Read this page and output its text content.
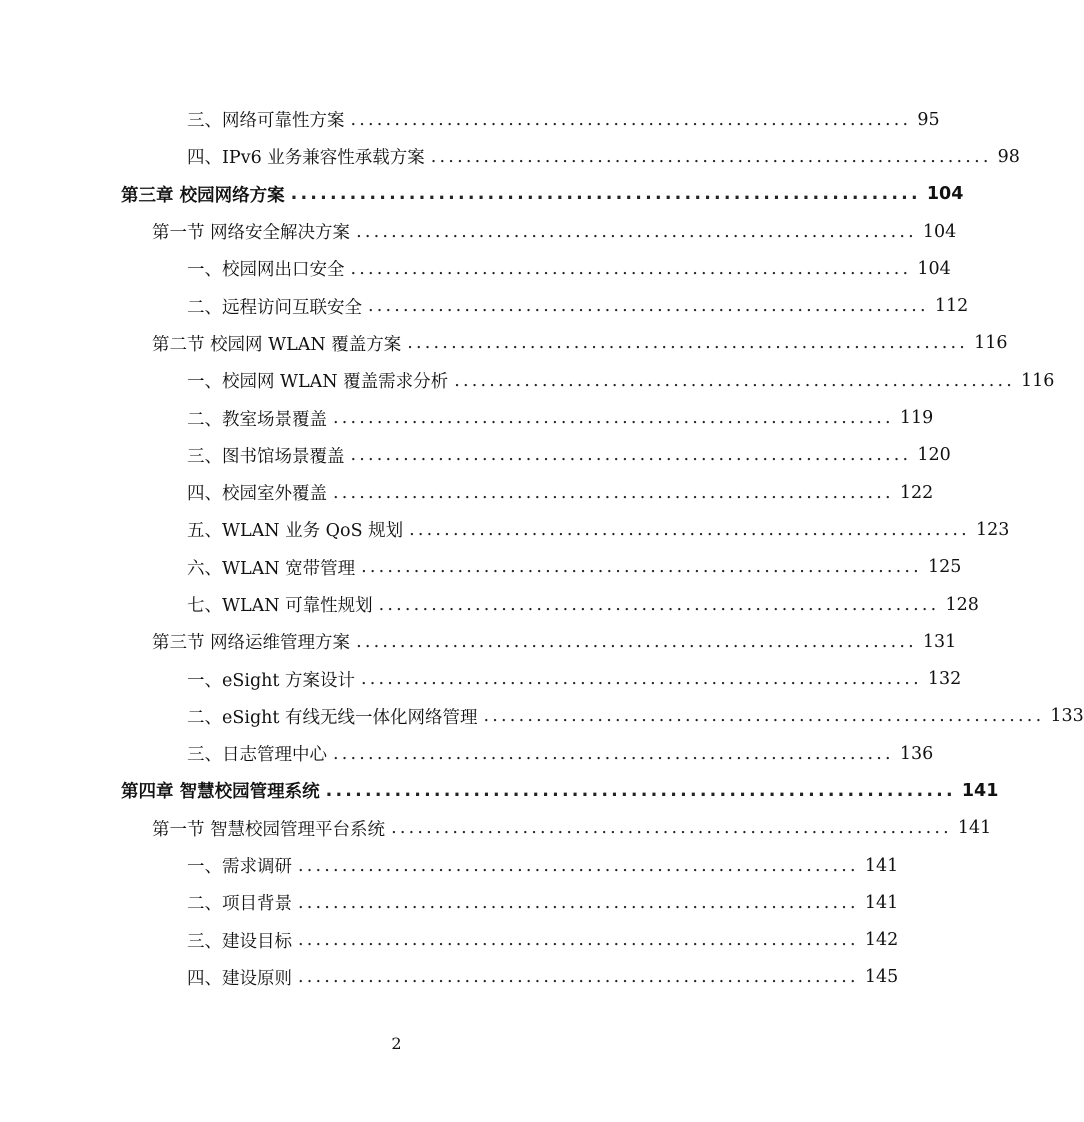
三、网络可靠性方案 ................................................................ 95
四、IPv6 业务兼容性承载方案 ................................................................ 98
第三章 校园网络方案 ................................................................ 104
第一节 网络安全解决方案 ................................................................ 104
一、校园网出口安全 ................................................................ 104
二、远程访问互联安全 ................................................................ 112
第二节 校园网 WLAN 覆盖方案 ................................................................ 116
一、校园网 WLAN 覆盖需求分析 ................................................................ 116
二、教室场景覆盖 ................................................................ 119
三、图书馆场景覆盖 ................................................................ 120
四、校园室外覆盖 ................................................................ 122
五、WLAN 业务 QoS 规划 ................................................................ 123
六、WLAN 宽带管理 ................................................................ 125
七、WLAN 可靠性规划 ................................................................ 128
第三节 网络运维管理方案 ................................................................ 131
一、eSight 方案设计 ................................................................ 132
二、eSight 有线无线一体化网络管理 ................................................................ 133
三、日志管理中心 ................................................................ 136
第四章 智慧校园管理系统 ................................................................ 141
第一节 智慧校园管理平台系统 ................................................................ 141
一、需求调研 ................................................................ 141
二、项目背景 ................................................................ 141
三、建设目标 ................................................................ 142
四、建设原则 ................................................................ 145
2
